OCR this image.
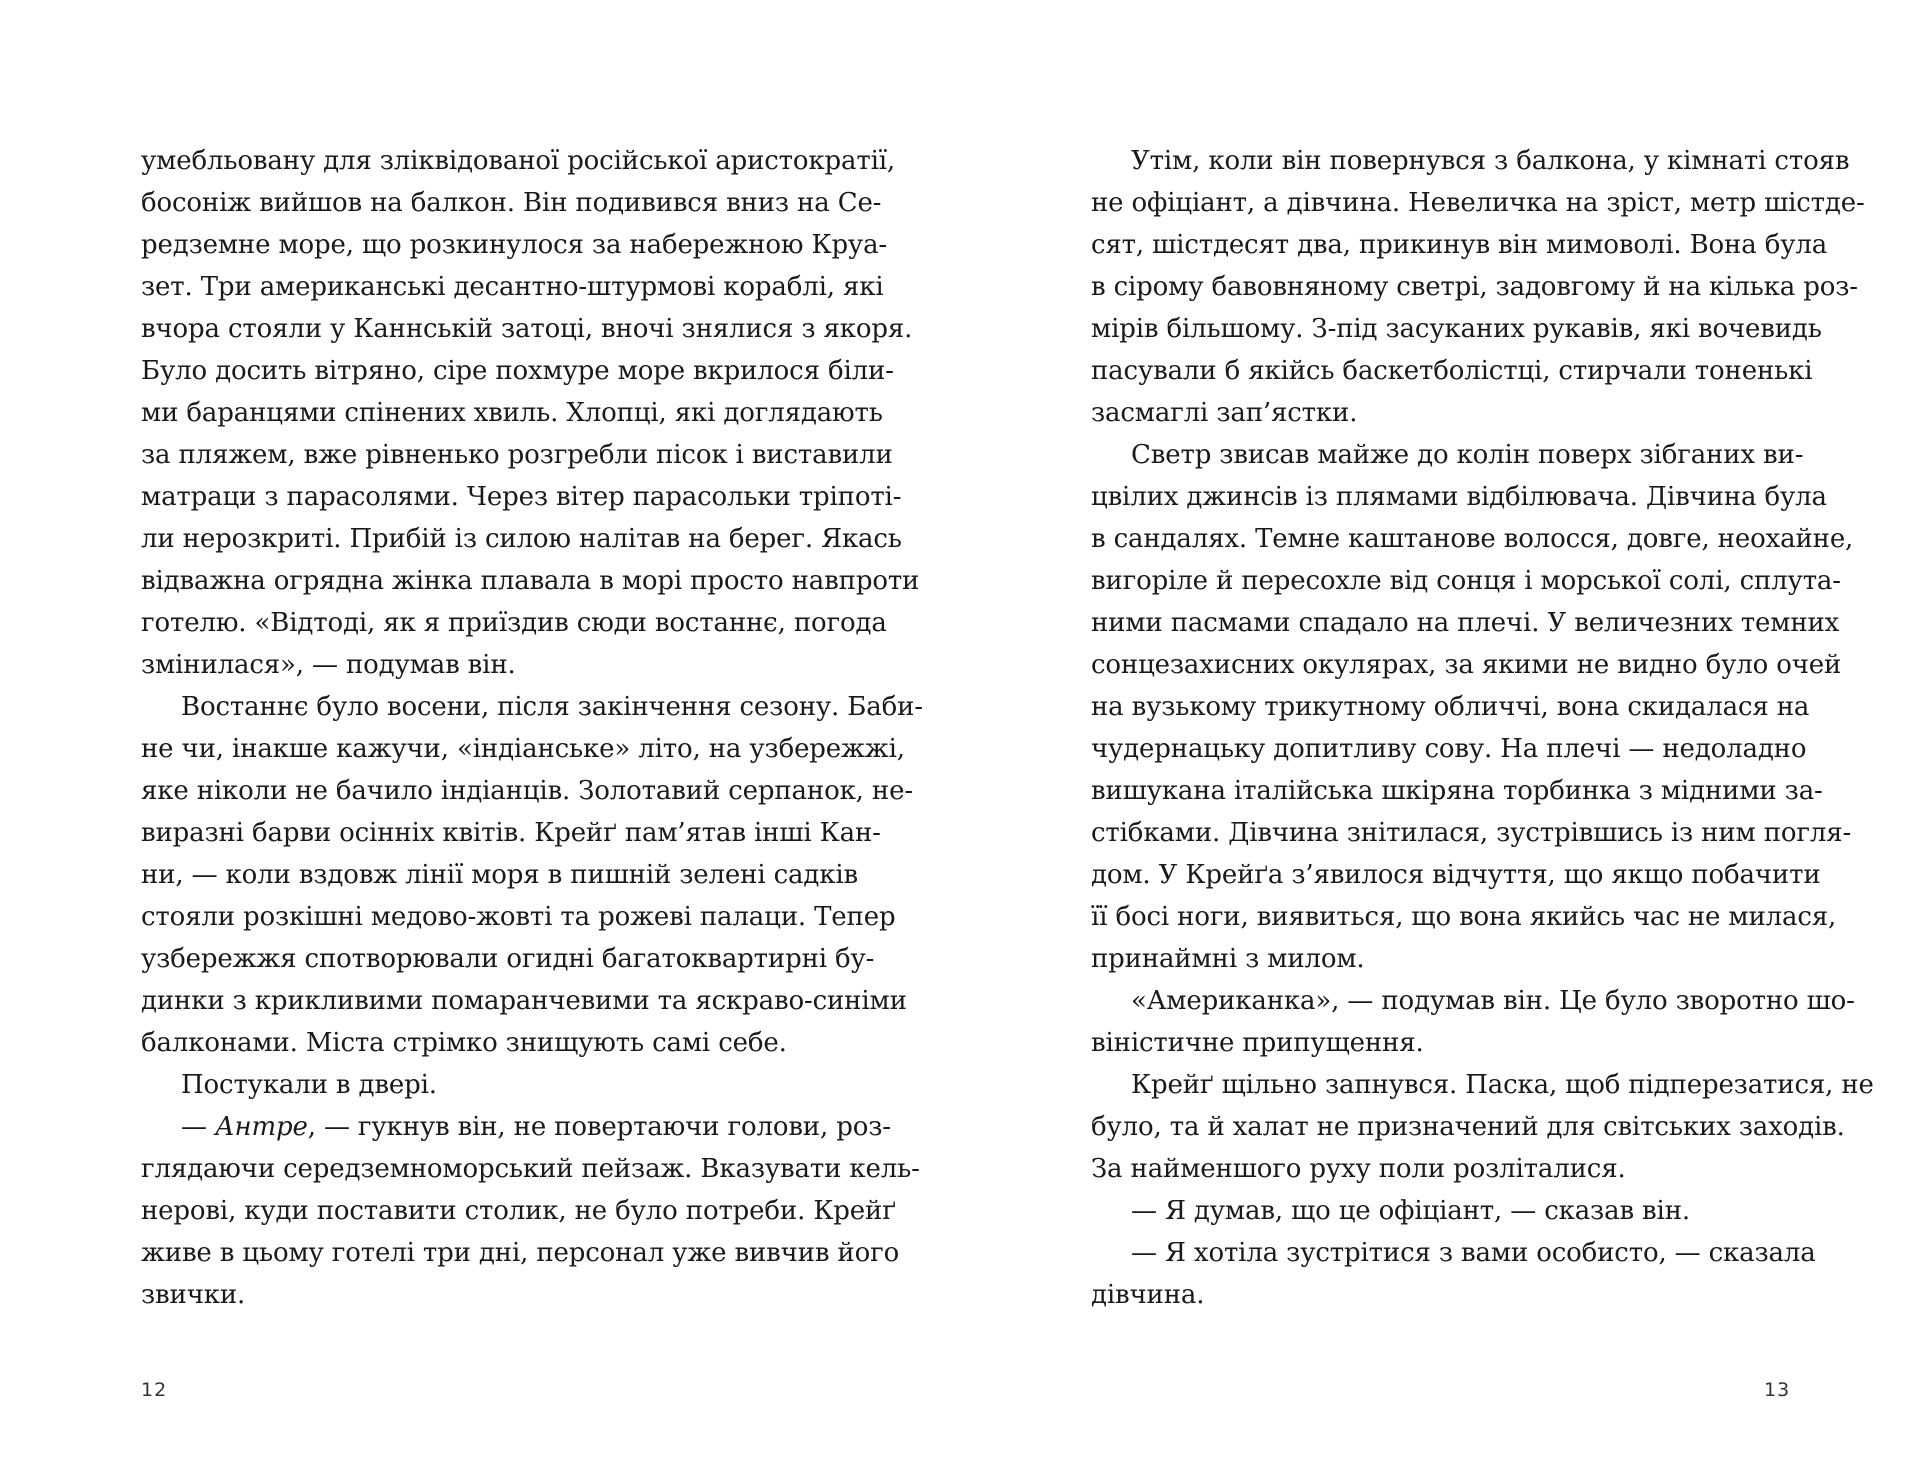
умебльовану для зліквідованої російської аристократії,
босоніж вийшов на балкон. Він подивився вниз на Се-
редземне море, що розкинулося за набережною Круа-
зет. Три американські десантно-штурмові кораблі, які
вчора стояли у Каннській затоці, вночі знялися з якоря.
Було досить вітряно, сіре похмуре море вкрилося біли-
ми баранцями спінених хвиль. Хлопці, які доглядають
за пляжем, вже рівненько розгребли пісок і виставили
матраци з парасолями. Через вітер парасольки тріпоті-
ли нерозкриті. Прибій із силою налітав на берег. Якась
відважна огрядна жінка плавала в морі просто навпроти
готелю. «Відтоді, як я приїздив сюди востаннє, погода
змінилася», — подумав він.
Востаннє було восени, після закінчення сезону. Баби-
не чи, інакше кажучи, «індіанське» літо, на узбережжі,
яке ніколи не бачило індіанців. Золотавий серпанок, не-
виразні барви осінніх квітів. Крейґ пам’ятав інші Кан-
ни, — коли вздовж лінії моря в пишній зелені садків
стояли розкішні медово-жовті та рожеві палаци. Тепер
узбережжя спотворювали огидні багатоквартирні бу-
динки з крикливими помаранчевими та яскраво-синіми
балконами. Міста стрімко знищують самі себе.
Постукали в двері.
— Антре, — гукнув він, не повертаючи голови, роз-
глядаючи середземноморський пейзаж. Вказувати кель-
нерові, куди поставити столик, не було потреби. Крейґ
живе в цьому готелі три дні, персонал уже вивчив його
звички.
Утім, коли він повернувся з балкона, у кімнаті стояв
не офіціант, а дівчина. Невеличка на зріст, метр шістде-
сят, шістдесят два, прикинув він мимоволі. Вона була
в сірому бавовняному светрі, задовгому й на кілька роз-
мірів більшому. З-під засуканих рукавів, які вочевидь
пасували б якійсь баскетболістці, стирчали тоненькі
засмаглі зап’ястки.
Светр звисав майже до колін поверх зібганих ви-
цвілих джинсів із плямами відбілювача. Дівчина була
в сандалях. Темне каштанове волосся, довге, неохайне,
вигоріле й пересохле від сонця і морської солі, сплута-
ними пасмами спадало на плечі. У величезних темних
сонцезахисних окулярах, за якими не видно було очей
на вузькому трикутному обличчі, вона скидалася на
чудернацьку допитливу сову. На плечі — недоладно
вишукана італійська шкіряна торбинка з мідними за-
стібками. Дівчина знітилася, зустрівшись із ним погля-
дом. У Крейґа з’явилося відчуття, що якщо побачити
її босі ноги, виявиться, що вона якийсь час не милася,
принаймні з милом.
«Американка», — подумав він. Це було зворотно шо-
віністичне припущення.
Крейґ щільно запнувся. Паска, щоб підперезатися, не
було, та й халат не призначений для світських заходів.
За найменшого руху поли розліталися.
— Я думав, що це офіціант, — сказав він.
— Я хотіла зустрітися з вами особисто, — сказала
дівчина.
12	13
